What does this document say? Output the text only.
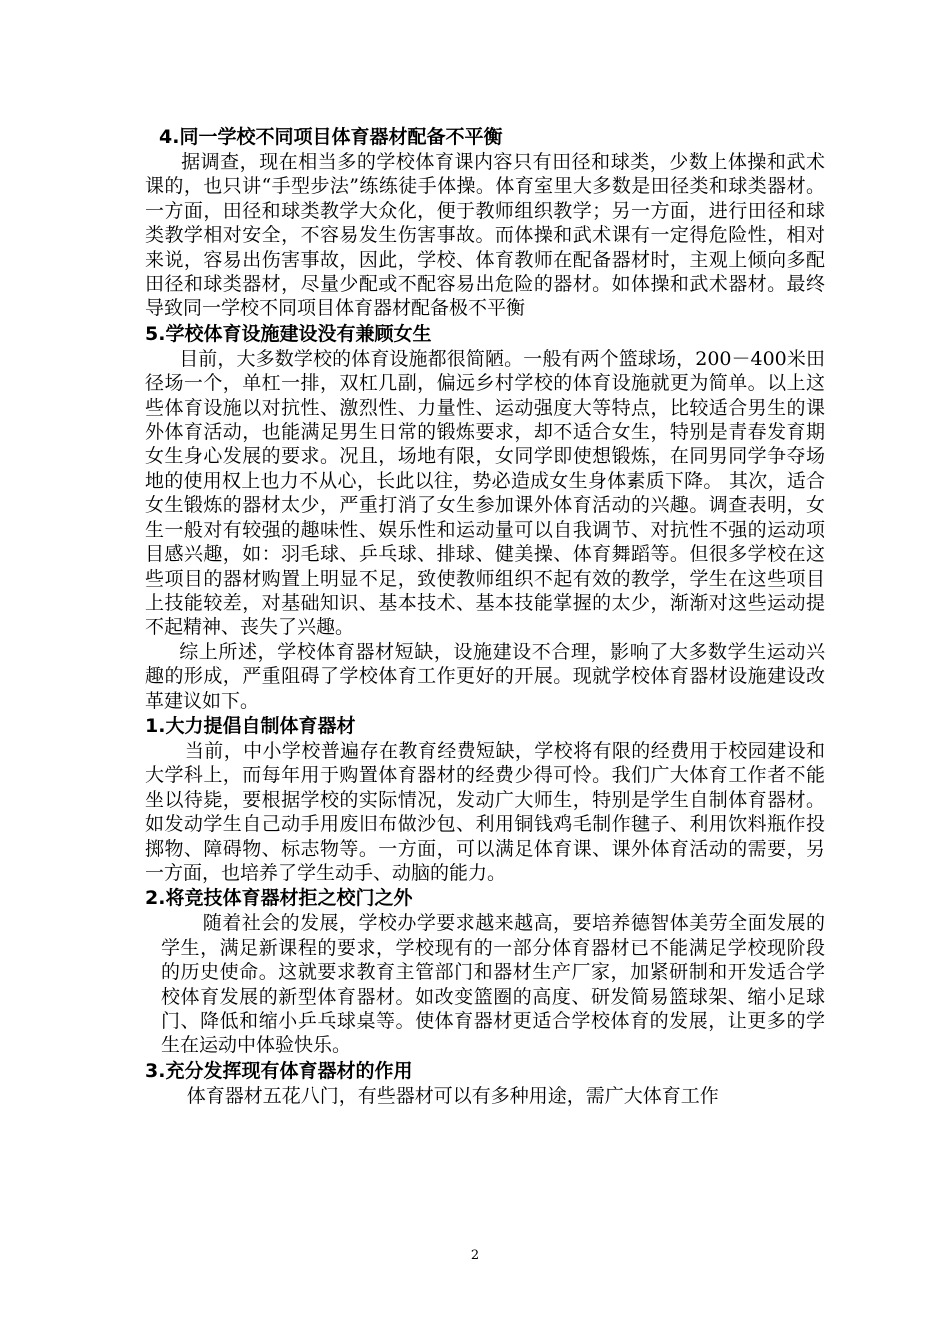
4.同一学校不同项目体育器材配备不平衡

据调查，现在相当多的学校体育课内容只有田径和球类，少数上体操和武术课的，也只讲“手型步法”练练徒手体操。体育室里大多数是田径类和球类器材。一方面，田径和球类教学大众化，便于教师组织教学；另一方面，进行田径和球类教学相对安全，不容易发生伤害事故。而体操和武术课有一定得危险性，相对来说，容易出伤害事故，因此，学校、体育教师在配备器材时，主观上倾向多配田径和球类器材，尽量少配或不配容易出危险的器材。如体操和武术器材。最终导致同一学校不同项目体育器材配备极不平衡

5.学校体育设施建设没有兼顾女生

目前，大多数学校的体育设施都很简陋。一般有两个篮球场，200－400米田径场一个，单杠一排，双杠几副，偏远乡村学校的体育设施就更为简单。以上这些体育设施以对抗性、激烈性、力量性、运动强度大等特点，比较适合男生的课外体育活动，也能满足男生日常的锻炼要求，却不适合女生，特别是青春发育期女生身心发展的要求。况且，场地有限，女同学即使想锻炼，在同男同学争夺场地的使用权上也力不从心，长此以往，势必造成女生身体素质下降。 其次，适合女生锻炼的器材太少，严重打消了女生参加课外体育活动的兴趣。调查表明，女生一般对有较强的趣味性、娱乐性和运动量可以自我调节、对抗性不强的运动项目感兴趣，如：羽毛球、乒乓球、排球、健美操、体育舞蹈等。但很多学校在这些项目的器材购置上明显不足，致使教师组织不起有效的教学，学生在这些项目上技能较差，对基础知识、基本技术、基本技能掌握的太少，渐渐对这些运动提不起精神、丧失了兴趣。

综上所述，学校体育器材短缺，设施建设不合理，影响了大多数学生运动兴趣的形成，严重阻碍了学校体育工作更好的开展。现就学校体育器材设施建设改革建议如下。

1.大力提倡自制体育器材

当前，中小学校普遍存在教育经费短缺，学校将有限的经费用于校园建设和大学科上，而每年用于购置体育器材的经费少得可怜。我们广大体育工作者不能坐以待毙，要根据学校的实际情况，发动广大师生，特别是学生自制体育器材。如发动学生自己动手用废旧布做沙包、利用铜钱鸡毛制作毽子、利用饮料瓶作投掷物、障碍物、标志物等。一方面，可以满足体育课、课外体育活动的需要，另一方面，也培养了学生动手、动脑的能力。

2.将竞技体育器材拒之校门之外

随着社会的发展，学校办学要求越来越高，要培养德智体美劳全面发展的学生，满足新课程的要求，学校现有的一部分体育器材已不能满足学校现阶段的历史使命。这就要求教育主管部门和器材生产厂家，加紧研制和开发适合学校体育发展的新型体育器材。如改变篮圈的高度、研发简易篮球架、缩小足球门、降低和缩小乒乓球桌等。使体育器材更适合学校体育的发展，让更多的学生在运动中体验快乐。

3.充分发挥现有体育器材的作用

体育器材五花八门，有些器材可以有多种用途，需广大体育工作

2
